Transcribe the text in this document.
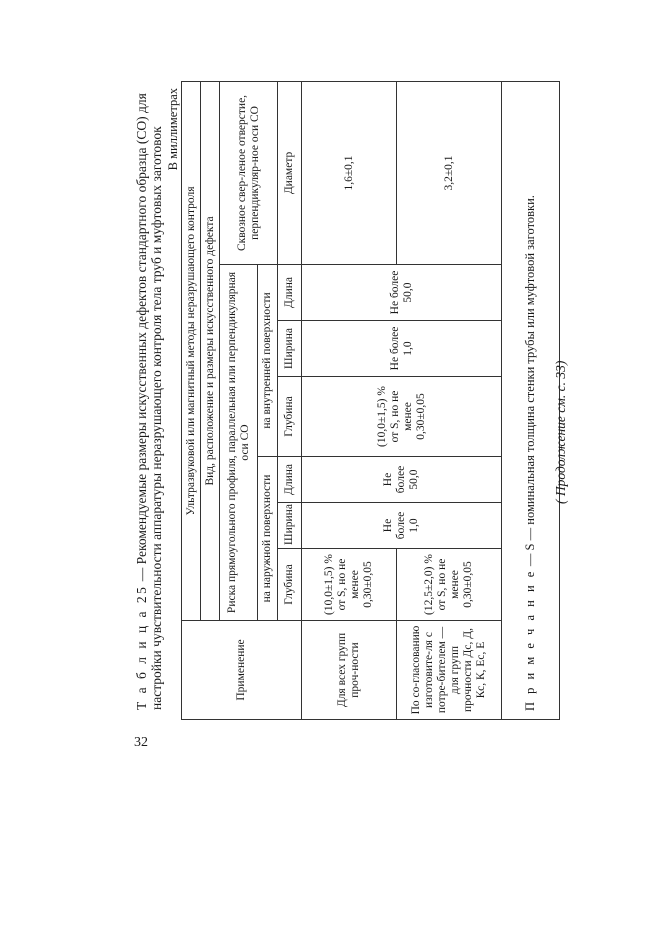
32
Т а б л и ц а 25 — Рекомендуемые размеры искусственных дефектов стандартного образца (СО) для настройки чувствительности аппаратуры неразрушающего контроля тела труб и муфтовых заготовок В миллиметрах
Применение	Ультразвуковой или магнитный методы неразрушающего контроля						
	Вид, расположение и размеры искусственного дефекта						
	Риска прямоугольного профиля, параллельная или перпендикулярная оси СО						Сквозное свер-леное отверстие, перпендикуляр-ное оси СО
	на наружной поверхности			на внутренней поверхности			
	Глубина	Ширина	Длина	Глубина	Ширина	Длина	Диаметр
Для всех групп проч-ности	(10,0±1,5) % от S, но не менее 0,30±0,05	Не более 1,0	Не более 50,0	(10,0±1,5) % от S, но не менее 0,30±0,05	Не более 1,0	Не более 50,0	1,6±0,1
По со-гласованию изготовите-ля с потре-бителем — для групп прочности Дс, Д, Кс, К, Ес, Е	(12,5±2,0) % от S, но не менее 0,30±0,05						3,2±0,1
П р и м е ч а н и е — S — номинальная толщина стенки трубы или муфтовой заготовки.							( Продолжение см. с. 33)
